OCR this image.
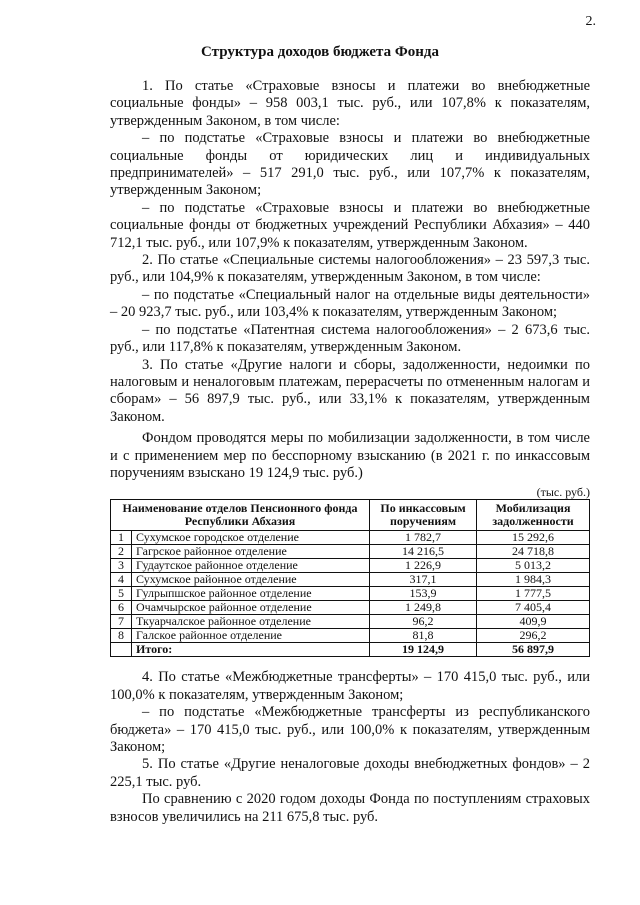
2.
Структура доходов бюджета Фонда

1. По статье «Страховые взносы и платежи во внебюджетные социальные фонды» – 958 003,1 тыс. руб., или 107,8% к показателям, утвержденным Законом, в том числе:

– по подстатье «Страховые взносы и платежи во внебюджетные социальные фонды от юридических лиц и индивидуальных предпринимателей» – 517 291,0 тыс. руб., или 107,7% к показателям, утвержденным Законом;

– по подстатье «Страховые взносы и платежи во внебюджетные социальные фонды от бюджетных учреждений Республики Абхазия» – 440 712,1 тыс. руб., или 107,9% к показателям, утвержденным Законом.

2. По статье «Специальные системы налогообложения» – 23 597,3 тыс. руб., или 104,9% к показателям, утвержденным Законом, в том числе:

– по подстатье «Специальный налог на отдельные виды деятельности» – 20 923,7 тыс. руб., или 103,4% к показателям, утвержденным Законом;

– по подстатье «Патентная система налогообложения» – 2 673,6 тыс. руб., или 117,8% к показателям, утвержденным Законом.

3. По статье «Другие налоги и сборы, задолженности, недоимки по налоговым и неналоговым платежам, перерасчеты по отмененным налогам и сборам» – 56 897,9 тыс. руб., или 33,1% к показателям, утвержденным Законом.

Фондом проводятся меры по мобилизации задолженности, в том числе и с применением мер по бесспорному взысканию (в 2021 г. по инкассовым поручениям взыскано 19 124,9 тыс. руб.)

(тыс. руб.)
Наименование отделов Пенсионного фонда Республики Абхазия		По инкассовым поручениям	Мобилизация задолженности
1	Сухумское городское отделение	1 782,7	15 292,6
2	Гагрское районное отделение	14 216,5	24 718,8
3	Гудаутское районное отделение	1 226,9	5 013,2
4	Сухумское районное отделение	317,1	1 984,3
5	Гулрыпшское районное отделение	153,9	1 777,5
6	Очамчырское районное отделение	1 249,8	7 405,4
7	Ткуарчалское районное отделение	96,2	409,9
8	Галское районное отделение	81,8	296,2
	Итого:	19 124,9	56 897,9

4. По статье «Межбюджетные трансферты» – 170 415,0 тыс. руб., или 100,0% к показателям, утвержденным Законом;

– по подстатье «Межбюджетные трансферты из республиканского бюджета» – 170 415,0 тыс. руб., или 100,0% к показателям, утвержденным Законом;

5. По статье «Другие неналоговые доходы внебюджетных фондов» – 2 225,1 тыс. руб.

По сравнению с 2020 годом доходы Фонда по поступлениям страховых взносов увеличились на 211 675,8 тыс. руб.
